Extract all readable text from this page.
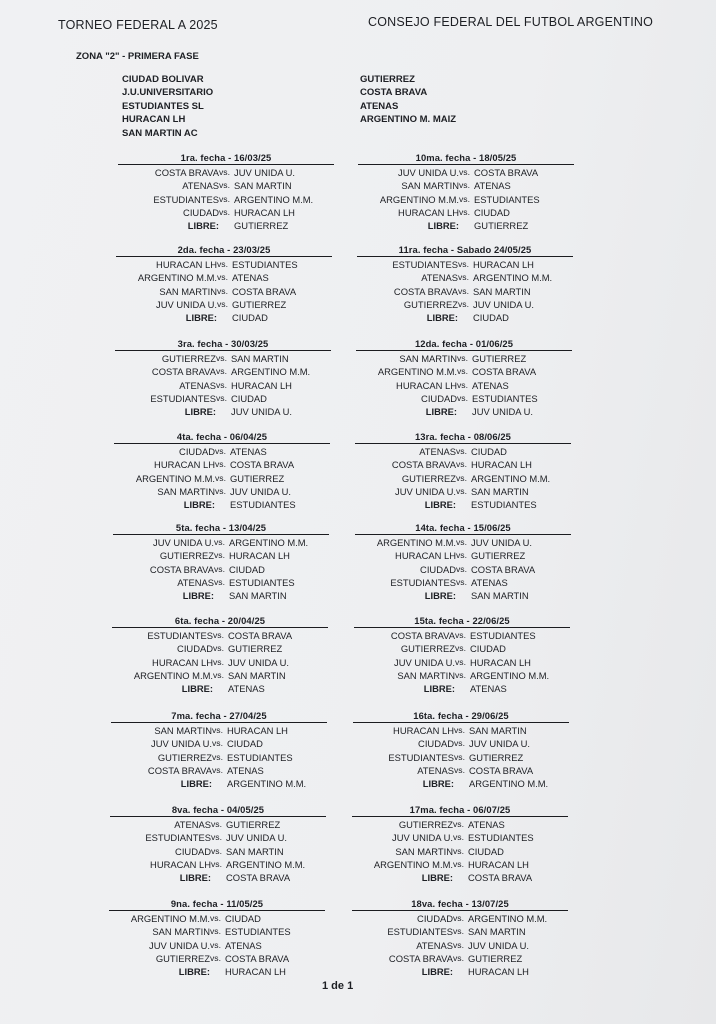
TORNEO FEDERAL A 2025	CONSEJO FEDERAL DEL FUTBOL ARGENTINO
ZONA "2" - PRIMERA FASE
CIUDAD BOLIVAR
J.U.UNIVERSITARIO
ESTUDIANTES SL
HURACAN LH
SAN MARTIN AC
GUTIERREZ
COSTA BRAVA
ATENAS
ARGENTINO M. MAIZ
1ra. fecha - 16/03/25
COSTA BRAVA vs. JUV UNIDA U.
ATENAS vs. SAN MARTIN
ESTUDIANTES vs. ARGENTINO M.M.
CIUDAD vs. HURACAN LH
LIBRE: GUTIERREZ
10ma. fecha - 18/05/25
JUV UNIDA U. vs. COSTA BRAVA
SAN MARTIN vs. ATENAS
ARGENTINO M.M. vs. ESTUDIANTES
HURACAN LH vs. CIUDAD
LIBRE: GUTIERREZ
2da. fecha - 23/03/25
HURACAN LH vs. ESTUDIANTES
ARGENTINO M.M. vs. ATENAS
SAN MARTIN vs. COSTA BRAVA
JUV UNIDA U. vs. GUTIERREZ
LIBRE: CIUDAD
11ra. fecha - Sabado 24/05/25
ESTUDIANTES vs. HURACAN LH
ATENAS vs. ARGENTINO M.M.
COSTA BRAVA vs. SAN MARTIN
GUTIERREZ vs. JUV UNIDA U.
LIBRE: CIUDAD
3ra. fecha - 30/03/25
GUTIERREZ vs. SAN MARTIN
COSTA BRAVA vs. ARGENTINO M.M.
ATENAS vs. HURACAN LH
ESTUDIANTES vs. CIUDAD
LIBRE: JUV UNIDA U.
12da. fecha - 01/06/25
SAN MARTIN vs. GUTIERREZ
ARGENTINO M.M. vs. COSTA BRAVA
HURACAN LH vs. ATENAS
CIUDAD vs. ESTUDIANTES
LIBRE: JUV UNIDA U.
4ta. fecha - 06/04/25
CIUDAD vs. ATENAS
HURACAN LH vs. COSTA BRAVA
ARGENTINO M.M. vs. GUTIERREZ
SAN MARTIN vs. JUV UNIDA U.
LIBRE: ESTUDIANTES
13ra. fecha - 08/06/25
ATENAS vs. CIUDAD
COSTA BRAVA vs. HURACAN LH
GUTIERREZ vs. ARGENTINO M.M.
JUV UNIDA U. vs. SAN MARTIN
LIBRE: ESTUDIANTES
5ta. fecha - 13/04/25
JUV UNIDA U. vs. ARGENTINO M.M.
GUTIERREZ vs. HURACAN LH
COSTA BRAVA vs. CIUDAD
ATENAS vs. ESTUDIANTES
LIBRE: SAN MARTIN
14ta. fecha - 15/06/25
ARGENTINO M.M. vs. JUV UNIDA U.
HURACAN LH vs. GUTIERREZ
CIUDAD vs. COSTA BRAVA
ESTUDIANTES vs. ATENAS
LIBRE: SAN MARTIN
6ta. fecha - 20/04/25
ESTUDIANTES vs. COSTA BRAVA
CIUDAD vs. GUTIERREZ
HURACAN LH vs. JUV UNIDA U.
ARGENTINO M.M. vs. SAN MARTIN
LIBRE: ATENAS
15ta. fecha - 22/06/25
COSTA BRAVA vs. ESTUDIANTES
GUTIERREZ vs. CIUDAD
JUV UNIDA U. vs. HURACAN LH
SAN MARTIN vs. ARGENTINO M.M.
LIBRE: ATENAS
7ma. fecha - 27/04/25
SAN MARTIN vs. HURACAN LH
JUV UNIDA U. vs. CIUDAD
GUTIERREZ vs. ESTUDIANTES
COSTA BRAVA vs. ATENAS
LIBRE: ARGENTINO M.M.
16ta. fecha - 29/06/25
HURACAN LH vs. SAN MARTIN
CIUDAD vs. JUV UNIDA U.
ESTUDIANTES vs. GUTIERREZ
ATENAS vs. COSTA BRAVA
LIBRE: ARGENTINO M.M.
8va. fecha - 04/05/25
ATENAS vs. GUTIERREZ
ESTUDIANTES vs. JUV UNIDA U.
CIUDAD vs. SAN MARTIN
HURACAN LH vs. ARGENTINO M.M.
LIBRE: COSTA BRAVA
17ma. fecha - 06/07/25
GUTIERREZ vs. ATENAS
JUV UNIDA U. vs. ESTUDIANTES
SAN MARTIN vs. CIUDAD
ARGENTINO M.M. vs. HURACAN LH
LIBRE: COSTA BRAVA
9na. fecha - 11/05/25
ARGENTINO M.M. vs. CIUDAD
SAN MARTIN vs. ESTUDIANTES
JUV UNIDA U. vs. ATENAS
GUTIERREZ vs. COSTA BRAVA
LIBRE: HURACAN LH
18va. fecha - 13/07/25
CIUDAD vs. ARGENTINO M.M.
ESTUDIANTES vs. SAN MARTIN
ATENAS vs. JUV UNIDA U.
COSTA BRAVA vs. GUTIERREZ
LIBRE: HURACAN LH
1 de 1
